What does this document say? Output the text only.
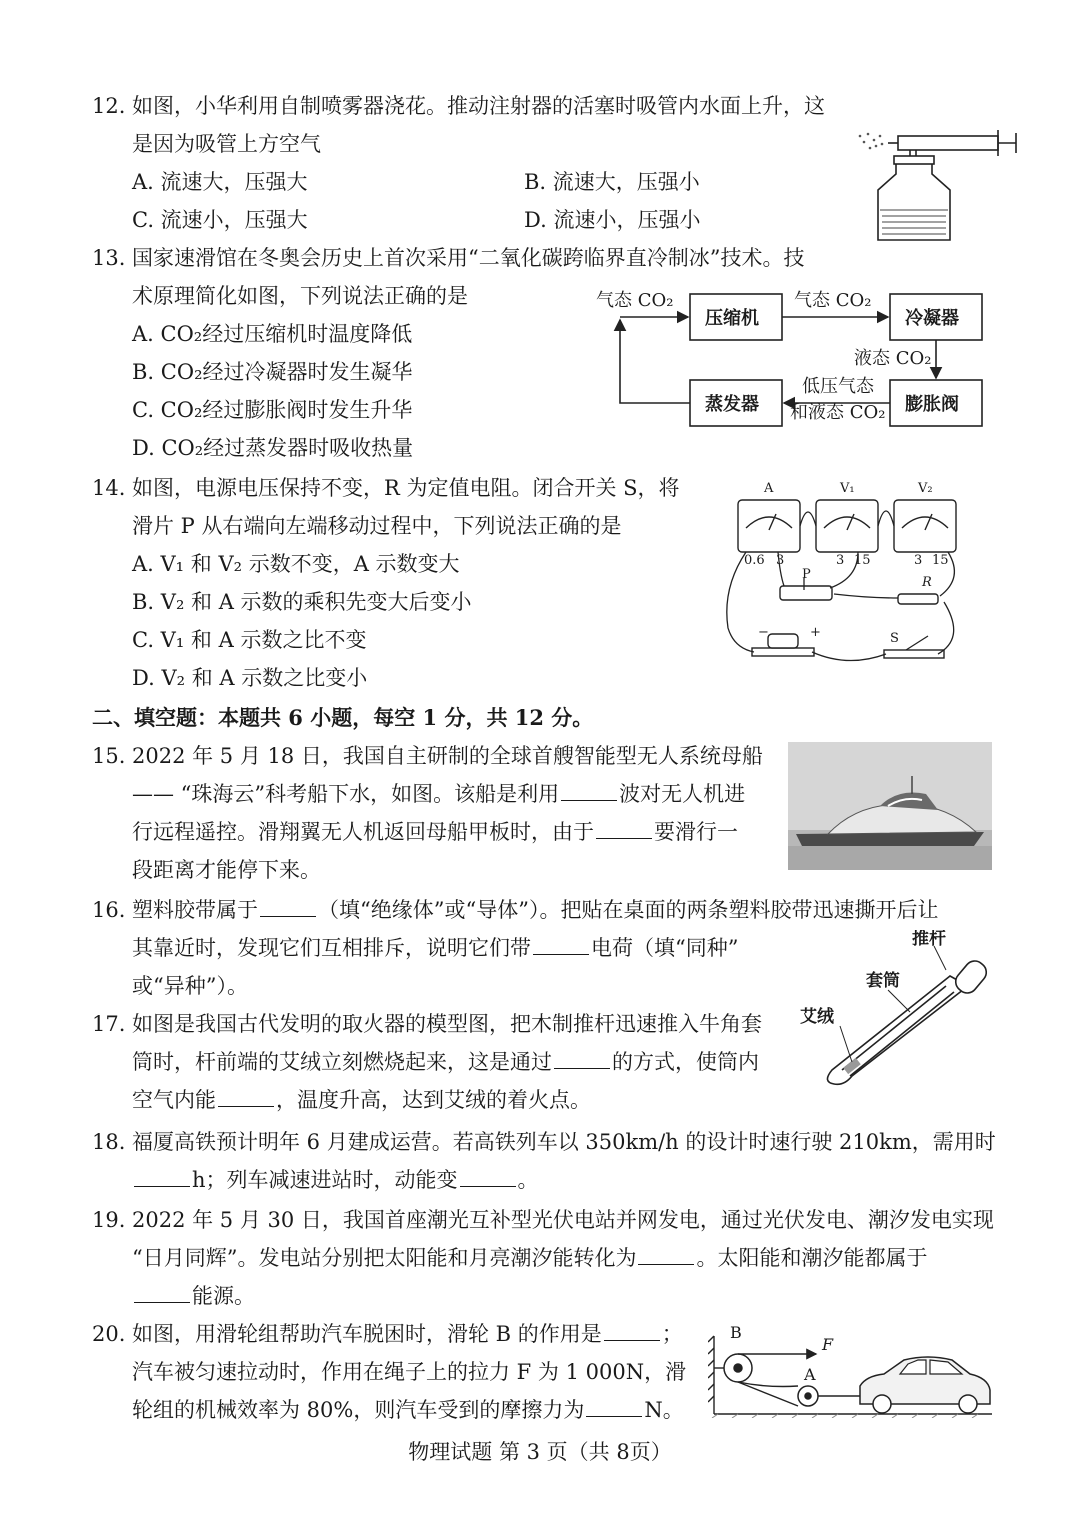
12. 如图，小华利用自制喷雾器浇花。推动注射器的活塞时吸管内水面上升，这
是因为吸管上方空气
A. 流速大，压强大	B. 流速大，压强小
C. 流速小，压强大	D. 流速小，压强小
13. 国家速滑馆在冬奥会历史上首次采用“二氧化碳跨临界直冷制冰”技术。技
术原理简化如图，下列说法正确的是
A. CO₂经过压缩机时温度降低
B. CO₂经过冷凝器时发生凝华
C. CO₂经过膨胀阀时发生升华
D. CO₂经过蒸发器时吸收热量
气态 CO₂
压缩机
气态 CO₂
冷凝器
液态 CO₂
膨胀阀
低压气态
和液态 CO₂
蒸发器
14. 如图，电源电压保持不变，R 为定值电阻。闭合开关 S，将
滑片 P 从右端向左端移动过程中，下列说法正确的是
A. V₁ 和 V₂ 示数不变，A 示数变大
B. V₂ 和 A 示数的乘积先变大后变小
C. V₁ 和 A 示数之比不变
D. V₂ 和 A 示数之比变小
A	V₁	V₂
0.6 3	3 15	3 15
P
R
S
−	+
二、填空题：本题共 6 小题，每空 1 分，共 12 分。
15. 2022 年 5 月 18 日，我国自主研制的全球首艘智能型无人系统母船
—— “珠海云”科考船下水，如图。该船是利用	波对无人机进
行远程遥控。滑翔翼无人机返回母船甲板时，由于	要滑行一
段距离才能停下来。
16. 塑料胶带属于	（填“绝缘体”或“导体”）。把贴在桌面的两条塑料胶带迅速撕开后让
其靠近时，发现它们互相排斥，说明它们带	电荷（填“同种”
或“异种”）。
17. 如图是我国古代发明的取火器的模型图，把木制推杆迅速推入牛角套
筒时，杆前端的艾绒立刻燃烧起来，这是通过	的方式，使筒内
空气内能	，温度升高，达到艾绒的着火点。
推杆
套筒
艾绒
18. 福厦高铁预计明年 6 月建成运营。若高铁列车以 350km/h 的设计时速行驶 210km，需用时
h；列车减速进站时，动能变	。
19. 2022 年 5 月 30 日，我国首座潮光互补型光伏电站并网发电，通过光伏发电、潮汐发电实现
“日月同辉”。发电站分别把太阳能和月亮潮汐能转化为	。太阳能和潮汐能都属于
能源。
20. 如图，用滑轮组帮助汽车脱困时，滑轮 B 的作用是	；
汽车被匀速拉动时，作用在绳子上的拉力 F 为 1 000N，滑
轮组的机械效率为 80%，则汽车受到的摩擦力为	N。
B
A
F
物理试题 第 3 页（共 8页）
